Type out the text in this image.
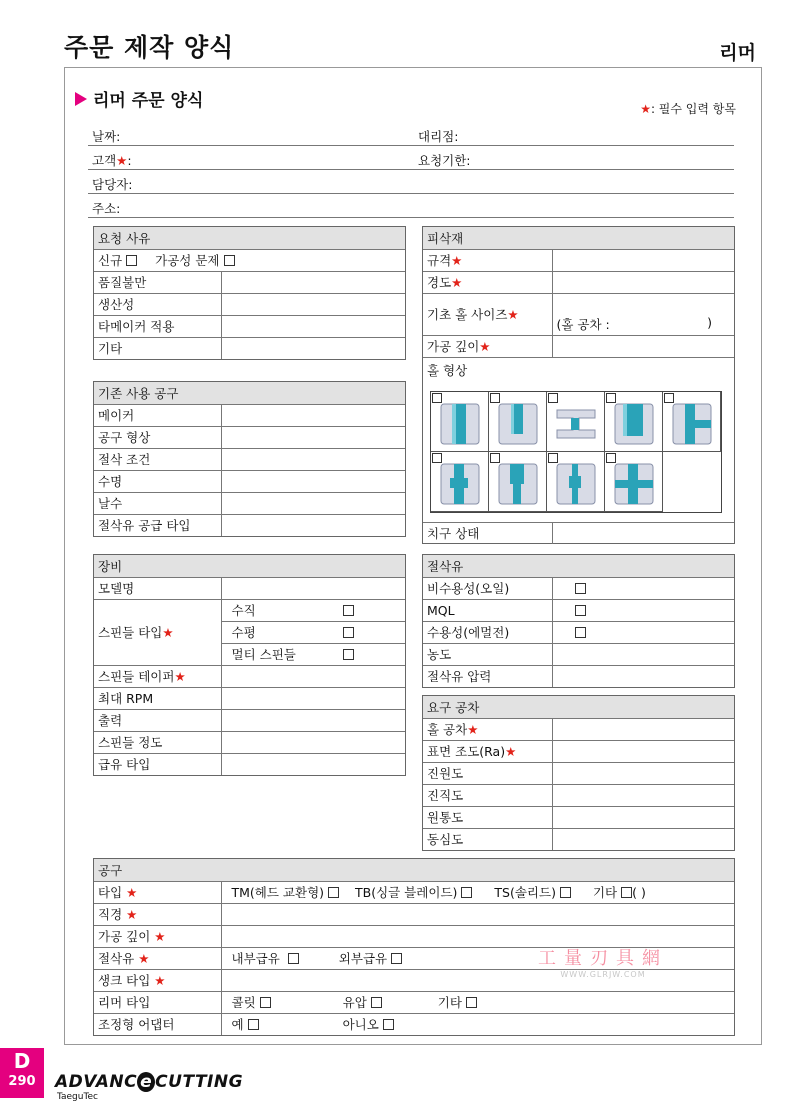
주문 제작 양식	리머
리머 주문 양식	★: 필수 입력 항목
날짜:	대리점:
고객★:	요청기한:
담당자:
주소:
요청 사유	
신규 가공성 문제	
품질불만	
생산성	
타메이커 적용	
기타	
기존 사용 공구	
메이커	
공구 형상	
절삭 조건	
수명	
날수	
절삭유 공급 타입	
피삭재	
규격★	
경도★	
기초 홀 사이즈★	(홀 공차 : )

가공 깊이★	
홀 형상	
치구 상태	
장비		
모델명		
스핀들 타입★	수직	
	수평	
	멀티 스핀들	
스핀들 테이퍼★		
최대 RPM		
출력		
스핀들 정도		
급유 타입		
절삭유	
비수용성(오일)	
MQL	
수용성(에멀전)	
농도	
절삭유 압력	
요구 공차	
홀 공차★	
표면 조도(Ra)★	
진원도	
진직도	
원통도	
동심도	
공구	
타입 ★	TM(헤드 교환형) TB(싱글 블레이드) TS(솔리드) 기타 ( )
직경 ★	
가공 깊이 ★	
절삭유 ★	내부급유 외부급유
생크 타입 ★	
리머 타입	콜릿 유압 기타
조정형 어댑터	예 아니오
工量刃具網
WWW.GLRJW.COM
D
290	ADVANC e CUTTING
TaeguTec
